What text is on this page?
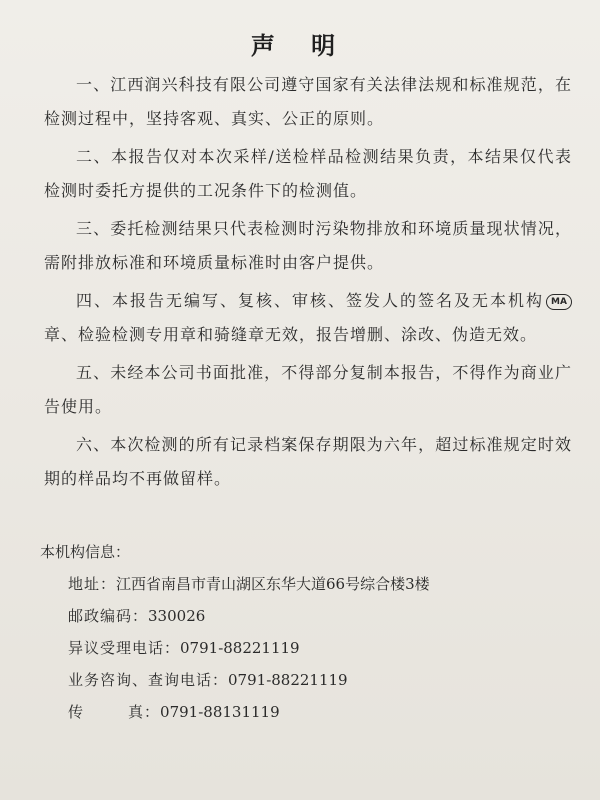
声 明

一、江西润兴科技有限公司遵守国家有关法律法规和标准规范，在检测过程中，坚持客观、真实、公正的原则。

二、本报告仅对本次采样/送检样品检测结果负责，本结果仅代表检测时委托方提供的工况条件下的检测值。

三、委托检测结果只代表检测时污染物排放和环境质量现状情况，需附排放标准和环境质量标准时由客户提供。

四、本报告无编写、复核、审核、签发人的签名及无本机构 MA章、检验检测专用章和骑缝章无效，报告增删、涂改、伪造无效。

五、未经本公司书面批准，不得部分复制本报告，不得作为商业广告使用。

六、本次检测的所有记录档案保存期限为六年，超过标准规定时效期的样品均不再做留样。

本机构信息：
地址：江西省南昌市青山湖区东华大道66号综合楼3楼
邮政编码：330026
异议受理电话：0791-88221119
业务咨询、查询电话：0791-88221119
传	真：0791-88131119
